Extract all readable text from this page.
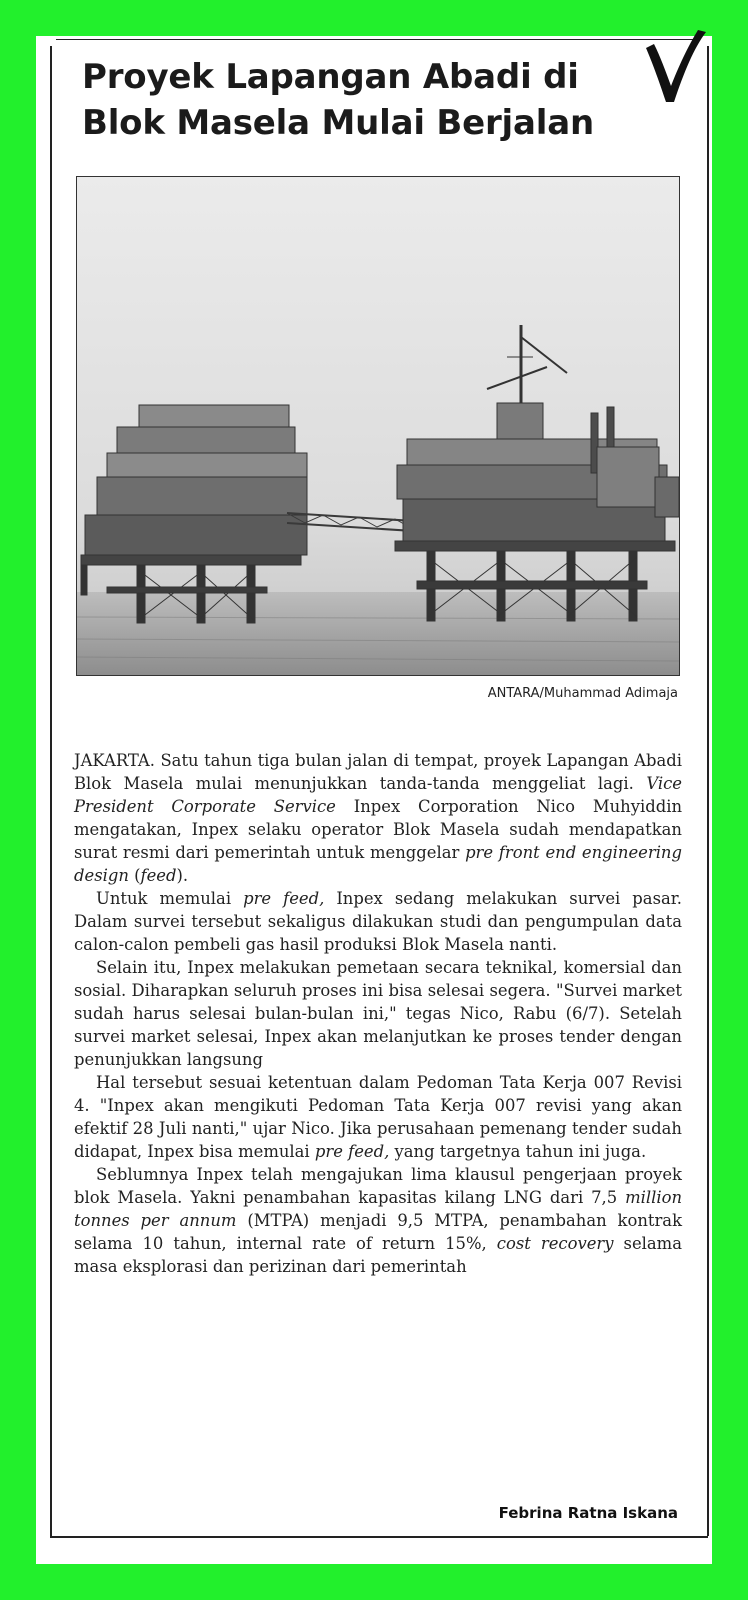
Proyek Lapangan Abadi di Blok Masela Mulai Berjalan
ANTARA/Muhammad Adimaja

JAKARTA. Satu tahun tiga bulan jalan di tempat, proyek Lapangan Abadi Blok Masela mulai menunjukkan tanda-tanda menggeliat lagi. Vice President Corporate Service Inpex Corporation Nico Muhyiddin mengatakan, Inpex selaku operator Blok Masela sudah mendapatkan surat resmi dari pemerintah untuk menggelar pre front end engineering design (feed).

Untuk memulai pre feed, Inpex sedang melakukan survei pasar. Dalam survei tersebut sekaligus dilakukan studi dan pengumpulan data calon-calon pembeli gas hasil produksi Blok Masela nanti.

Selain itu, Inpex melakukan pemetaan secara teknikal, komersial dan sosial. Diharapkan seluruh proses ini bisa selesai segera. "Survei market sudah harus selesai bulan-bulan ini," tegas Nico, Rabu (6/7). Setelah survei market selesai, Inpex akan melanjutkan ke proses tender dengan penunjukkan langsung

Hal tersebut sesuai ketentuan dalam Pedoman Tata Kerja 007 Revisi 4. "Inpex akan mengikuti Pedoman Tata Kerja 007 revisi yang akan efektif 28 Juli nanti," ujar Nico. Jika perusahaan pemenang tender sudah didapat, Inpex bisa memulai pre feed, yang targetnya tahun ini juga.

Seblumnya Inpex telah mengajukan lima klausul pengerjaan proyek blok Masela. Yakni penambahan kapasitas kilang LNG dari 7,5 million tonnes per annum (MTPA) menjadi 9,5 MTPA, penambahan kontrak selama 10 tahun, internal rate of return 15%, cost recovery selama masa eksplorasi dan perizinan dari pemerintah

Febrina Ratna Iskana
